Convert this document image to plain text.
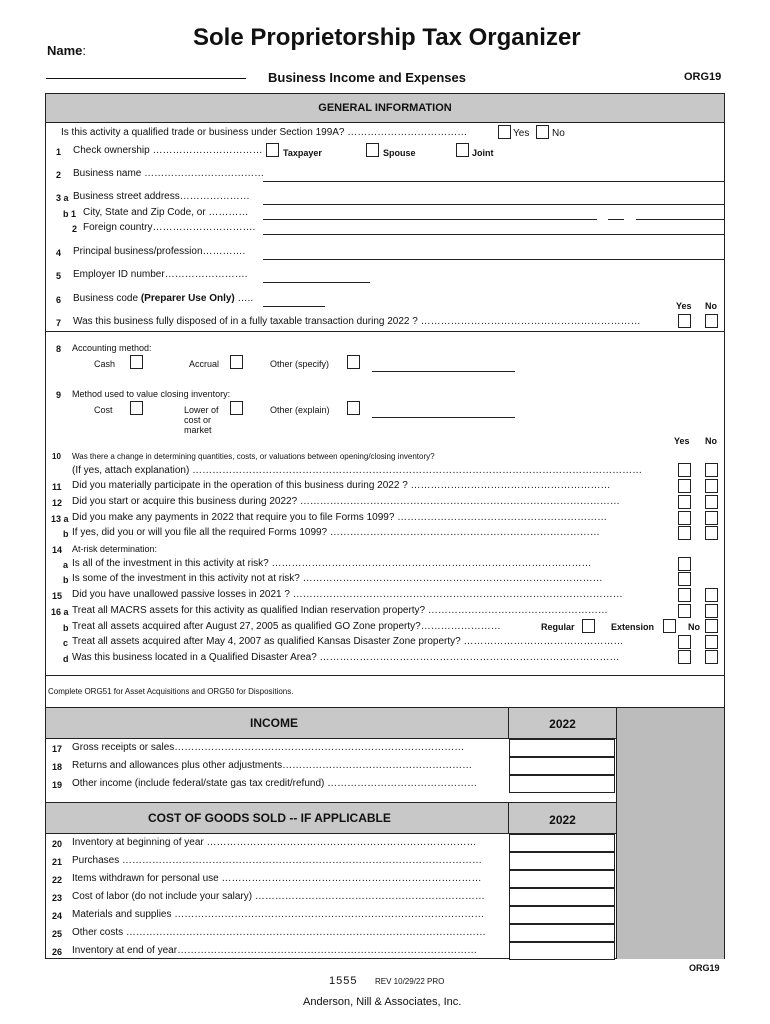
Sole Proprietorship Tax Organizer
Name:
Business Income and Expenses	ORG19
GENERAL INFORMATION
Is this activity a qualified trade or business under Section 199A? ………………………………	Yes No
1 Check ownership …………………………… Taxpayer	Spouse	Joint
2 Business name ………………………………
3 a Business street address…………………
b 1 City, State and Zip Code, or …………
2 Foreign country………………………….
4 Principal business/profession………….
5 Employer ID number…………………….
6 Business code (Preparer Use Only) …..
Yes No
7 Was this business fully disposed of in a fully taxable transaction during 2022 ? …………………………………………………………
8 Accounting method:
Cash	Accrual	Other (specify)
9 Method used to value closing inventory:
Cost	Lower of
cost or
market
Other (explain)
Yes No
10 Was there a change in determining quantities, costs, or valuations between opening/closing inventory?
(If yes, attach explanation) ………………………………………………………………………………………………………………………
11 Did you materially participate in the operation of this business during 2022 ? ……………………………………………………
12 Did you start or acquire this business during 2022? ……………………………………………………………………………………
13 a Did you make any payments in 2022 that require you to file Forms 1099? ………………………………………………………
b If yes, did you or will you file all the required Forms 1099? ………………………………………………………………………
14 At-risk determination:
a Is all of the investment in this activity at risk? ……………………………………………………………………………………
b Is some of the investment in this activity not at risk? ………………………………………………………………………………
15 Did you have unallowed passive losses in 2021 ? ………………………………………………………………………………………
16 a Treat all MACRS assets for this activity as qualified Indian reservation property? ………………………………………………
b Treat all assets acquired after August 27, 2005 as qualified GO Zone property?……………………	Regular	Extension	No
c Treat all assets acquired after May 4, 2007 as qualified Kansas Disaster Zone property? …………………………………………
d Was this business located in a Qualified Disaster Area? ………………………………………………………………………………
Complete ORG51 for Asset Acquisitions and ORG50 for Dispositions.
INCOME	2022
17 Gross receipts or sales……………………………………………………………………………
18 Returns and allowances plus other adjustments…………………………………………………
19 Other income (include federal/state gas tax credit/refund) ………………………………………
COST OF GOODS SOLD -- IF APPLICABLE	2022
20 Inventory at beginning of year ………………………………………………………………………
21 Purchases ………………………………………………………………………………………………
22 Items withdrawn for personal use ……………………………………………………………………
23 Cost of labor (do not include your salary) ……………………………………………………………
24 Materials and supplies …………………………………………………………………………………
25 Other costs ………………………………………………………………………………………………
26 Inventory at end of year………………………………………………………………………………
ORG19
1555 REV 10/29/22 PRO
Anderson, Nill & Associates, Inc.
